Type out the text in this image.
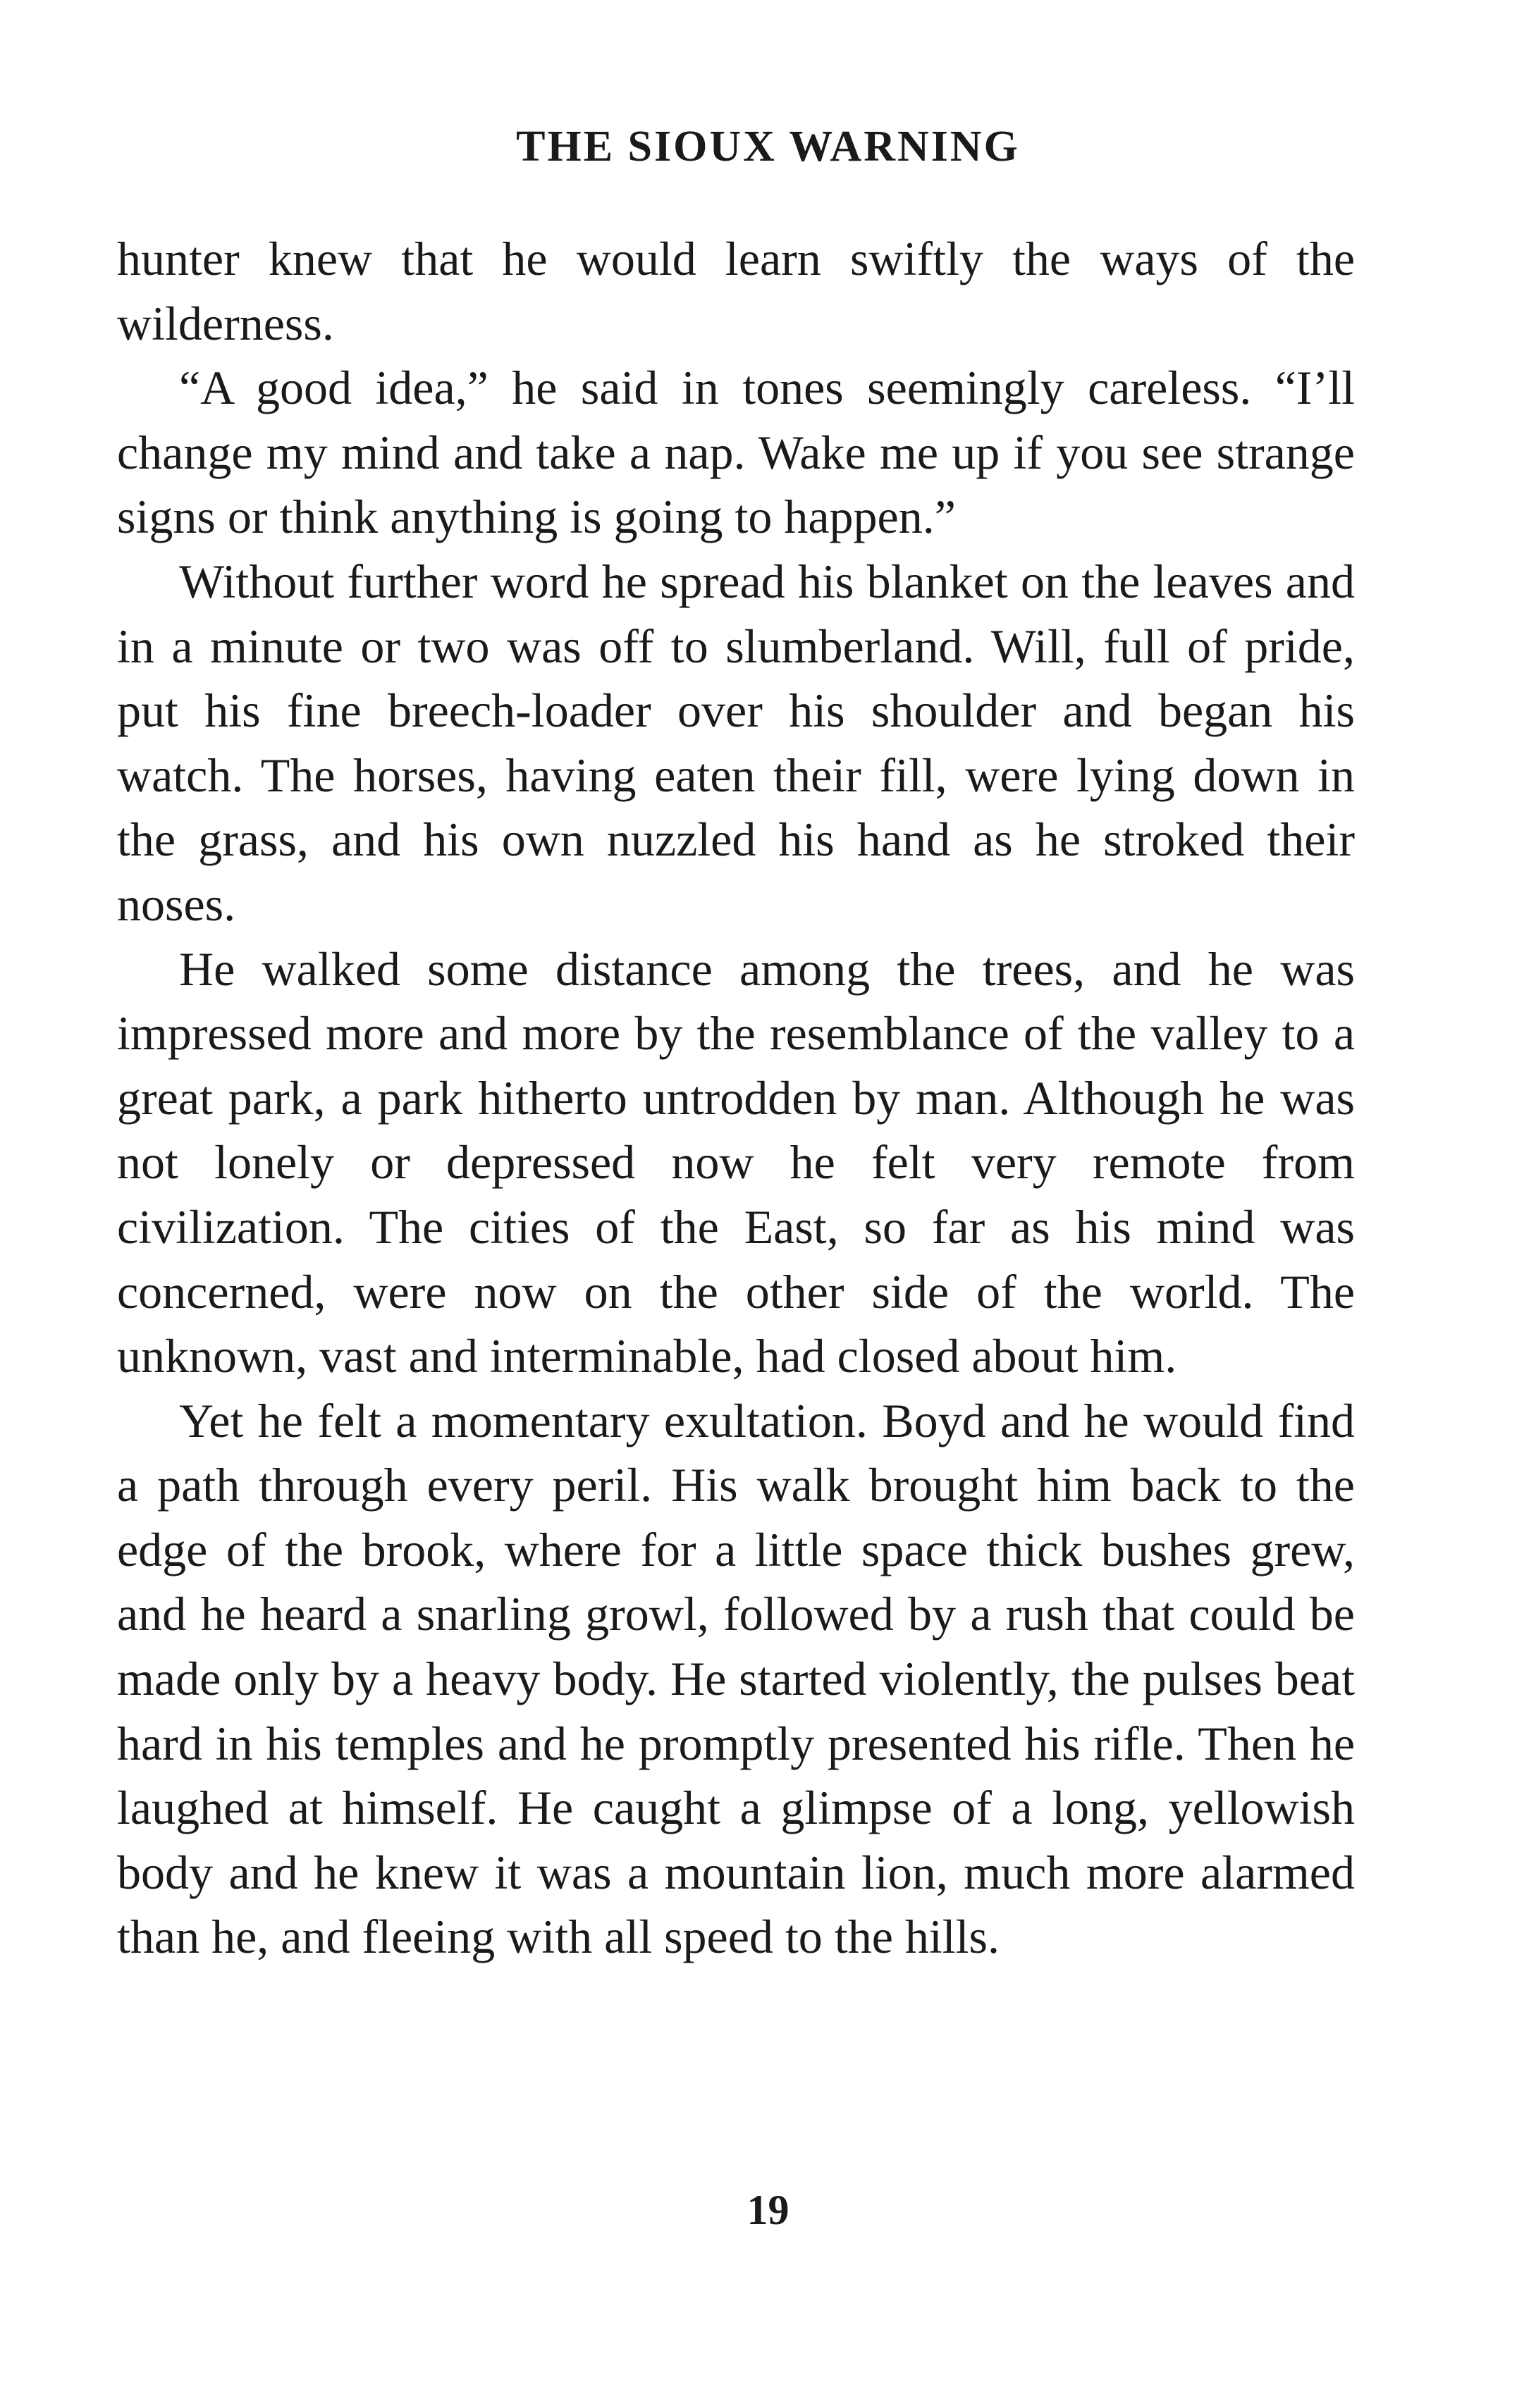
THE SIOUX WARNING

hunter knew that he would learn swiftly the ways of the wilderness.

“A good idea,” he said in tones seemingly careless. “I’ll change my mind and take a nap. Wake me up if you see strange signs or think anything is going to happen.”

Without further word he spread his blanket on the leaves and in a minute or two was off to slumberland. Will, full of pride, put his fine breech-loader over his shoulder and began his watch. The horses, having eaten their fill, were lying down in the grass, and his own nuzzled his hand as he stroked their noses.

He walked some distance among the trees, and he was impressed more and more by the resemblance of the valley to a great park, a park hitherto untrodden by man. Although he was not lonely or depressed now he felt very remote from civilization. The cities of the East, so far as his mind was concerned, were now on the other side of the world. The unknown, vast and interminable, had closed about him.

Yet he felt a momentary exultation. Boyd and he would find a path through every peril. His walk brought him back to the edge of the brook, where for a little space thick bushes grew, and he heard a snarling growl, followed by a rush that could be made only by a heavy body. He started violently, the pulses beat hard in his temples and he promptly presented his rifle. Then he laughed at himself. He caught a glimpse of a long, yellowish body and he knew it was a mountain lion, much more alarmed than he, and fleeing with all speed to the hills.

19
